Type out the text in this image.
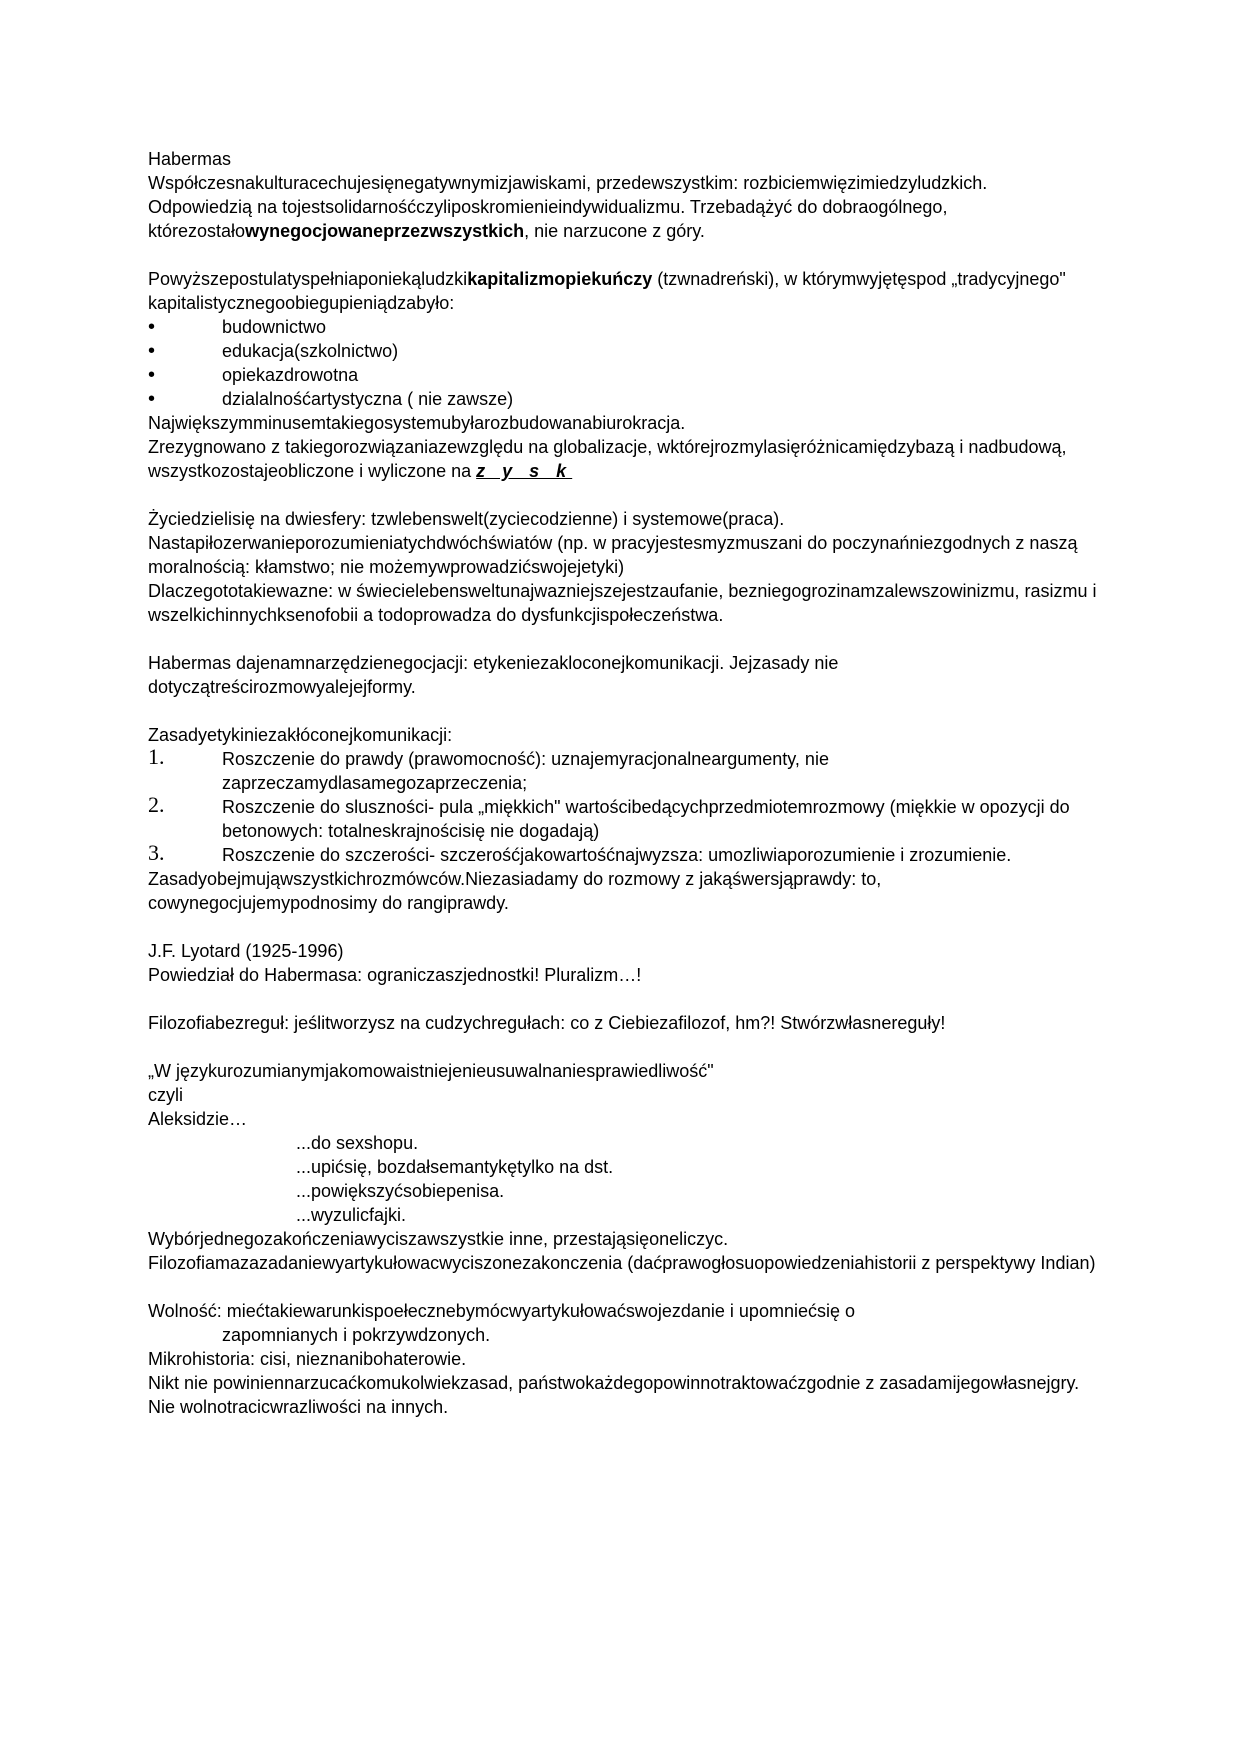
Habermas

Współczesnakulturacechujesięnegatywnymizjawiskami, przedewszystkim: rozbiciemwięzimiedzyludzkich.

Odpowiedzią na tojestsolidarnośćczyliposkromienieindywidualizmu. Trzebadążyć do dobraogólnego, którezostałowynegocjowaneprzezwszystkich, nie narzucone z góry.

Powyższepostulatyspełniaponiekąludzkikapitalizmopiekuńczy (tzwnadreński), w którymwyjętęspod „tradycyjnego" kapitalistycznegoobiegupieniądzabyło:

•	budownictwo
•	edukacja(szkolnictwo)
•	opiekazdrowotna
•	dzialalnośćartystyczna ( nie zawsze)

Największymminusemtakiegosystemubyłarozbudowanabiurokracja.

Zrezygnowano z takiegorozwiązaniazewzględu na globalizacje, wktórejrozmylasięróżnicamiędzybazą i nadbudową, wszystkozostajeobliczone i wyliczone na z y s k

Życiedzielisię na dwiesfery: tzwlebenswelt(zyciecodzienne) i systemowe(praca).

Nastapiłozerwanieporozumieniatychdwóchświatów (np. w pracyjestesmyzmuszani do poczynańniezgodnych z naszą moralnością: kłamstwo; nie możemywprowadzićswojejetyki)

Dlaczegototakiewazne: w świecielebensweltunajwazniejszejestzaufanie, bezniegogrozinamzalewszowinizmu, rasizmu i wszelkichinnychksenofobii a todoprowadza do dysfunkcjispołeczeństwa.

Habermas dajenamnarzędzienegocjacji: etykeniezakloconejkomunikacji. Jejzasady nie dotyczątreścirozmowyalejejformy.

Zasadyetykiniezakłóconejkomunikacji:

1.	Roszczenie do prawdy (prawomocność): uznajemyracjonalneargumenty, nie zaprzeczamydlasamegozaprzeczenia;
2.	Roszczenie do sluszności- pula „miękkich" wartościbedącychprzedmiotemrozmowy (miękkie w opozycji do betonowych: totalneskrajnościsię nie dogadają)
3.	Roszczenie do szczerości- szczerośćjakowartośćnajwyzsza: umozliwiaporozumienie i zrozumienie.

Zasadyobejmująwszystkichrozmówców.Niezasiadamy do rozmowy z jakąśwersjąprawdy: to, cowynegocjujemypodnosimy do rangiprawdy.

J.F. Lyotard (1925-1996)

Powiedział do Habermasa: ograniczaszjednostki! Pluralizm…!

Filozofiabezreguł: jeślitworzysz na cudzychregułach: co z Ciebiezafilozof, hm?! Stwórzwłasnereguły!

„W językurozumianymjakomowaistniejenieusuwalnaniesprawiedliwość"

czyli

Aleksidzie…

...do sexshopu.

...upićsię, bozdałsemantykętylko na dst.

...powiększyćsobiepenisa.

...wyzulicfajki.

Wybórjednegozakończeniawyciszawszystkie inne, przestająsięoneliczyc.

Filozofiamazazadaniewyartykułowacwyciszonezakonczenia (daćprawogłosuopowiedzeniahistorii z perspektywy Indian)

Wolność: miećtakiewarunkispoełecznebymócwyartykułowaćswojezdanie i upomniećsię o

zapomnianych i pokrzywdzonych.

Mikrohistoria: cisi, nieznanibohaterowie.

Nikt nie powiniennarzucaćkomukolwiekzasad, państwokażdegopowinnotraktowaćzgodnie z zasadamijegowłasnejgry. Nie wolnotracicwrazliwości na innych.
